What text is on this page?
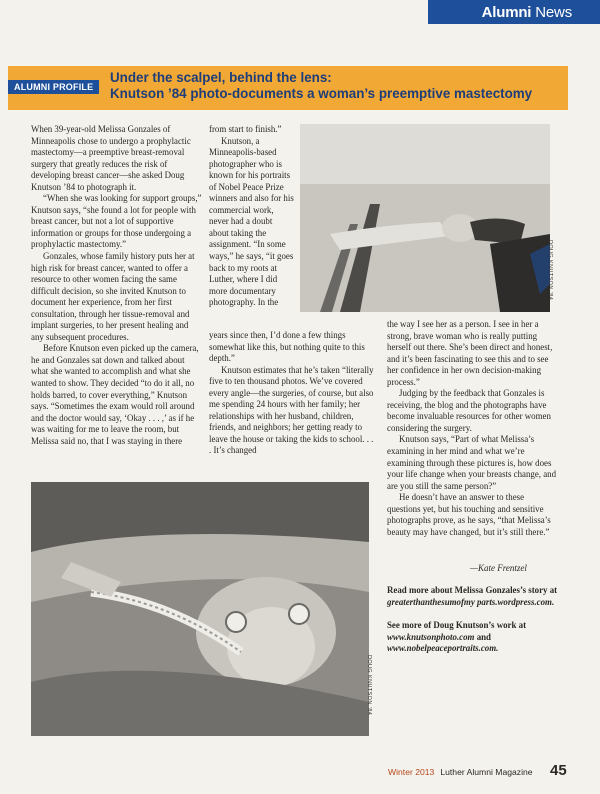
Alumni News
ALUMNI PROFILE
Under the scalpel, behind the lens:
Knutson ’84 photo-documents a woman’s preemptive mastectomy

When 39-year-old Melissa Gonzales of Minneapolis chose to undergo a prophylactic mastectomy—a preemptive breast-removal surgery that greatly reduces the risk of developing breast cancer—she asked Doug Knutson ’84 to photograph it.

“When she was looking for support groups,” Knutson says, “she found a lot for people with breast cancer, but not a lot of supportive information or groups for those undergoing a prophylactic mastectomy.”

Gonzales, whose family history puts her at high risk for breast cancer, wanted to offer a resource to other women facing the same difficult decision, so she invited Knutson to document her experience, from her first consultation, through her tissue-removal and implant surgeries, to her present healing and any subsequent procedures.

Before Knutson even picked up the camera, he and Gonzales sat down and talked about what she wanted to accomplish and what she wanted to show. They decided “to do it all, no holds barred, to cover everything,” Knutson says. “Sometimes the exam would roll around and the doctor would say, ‘Okay . . . ,’ as if he was waiting for me to leave the room, but Melissa said no, that I was staying in there

from start to finish.”

Knutson, a Minneapolis-based photographer who is known for his portraits of Nobel Peace Prize winners and also for his commercial work, never had a doubt about taking the assignment. “In some ways,” he says, “it goes back to my roots at Luther, where I did more documentary photography. In the

years since then, I’d done a few things somewhat like this, but nothing quite to this depth.”

Knutson estimates that he’s taken “literally five to ten thousand photos. We’ve covered every angle—the surgeries, of course, but also me spending 24 hours with her family; her relationships with her husband, children, friends, and neighbors; her getting ready to leave the house or taking the kids to school. . . . It’s changed

DOUG KNUTSON ’84

the way I see her as a person. I see in her a strong, brave woman who is really putting herself out there. She’s been direct and honest, and it’s been fascinating to see this and to see her confidence in her own decision-making process.”

Judging by the feedback that Gonzales is receiving, the blog and the photographs have become invaluable resources for other women considering the surgery.

Knutson says, “Part of what Melissa’s examining in her mind and what we’re examining through these pictures is, how does your life change when your breasts change, and are you still the same person?”

He doesn’t have an answer to these questions yet, but his touching and sensitive photographs prove, as he says, “that Melissa’s beauty may have changed, but it’s still there.”

—Kate Frentzel
Read more about Melissa Gonzales’s story at greaterthanthesumofmy parts.wordpress.com.
See more of Doug Knutson’s work at www.knutsonphoto.com and www.nobelpeaceportraits.com.
DOUG KNUTSON ’84
Winter 2013 Luther Alumni Magazine 45
